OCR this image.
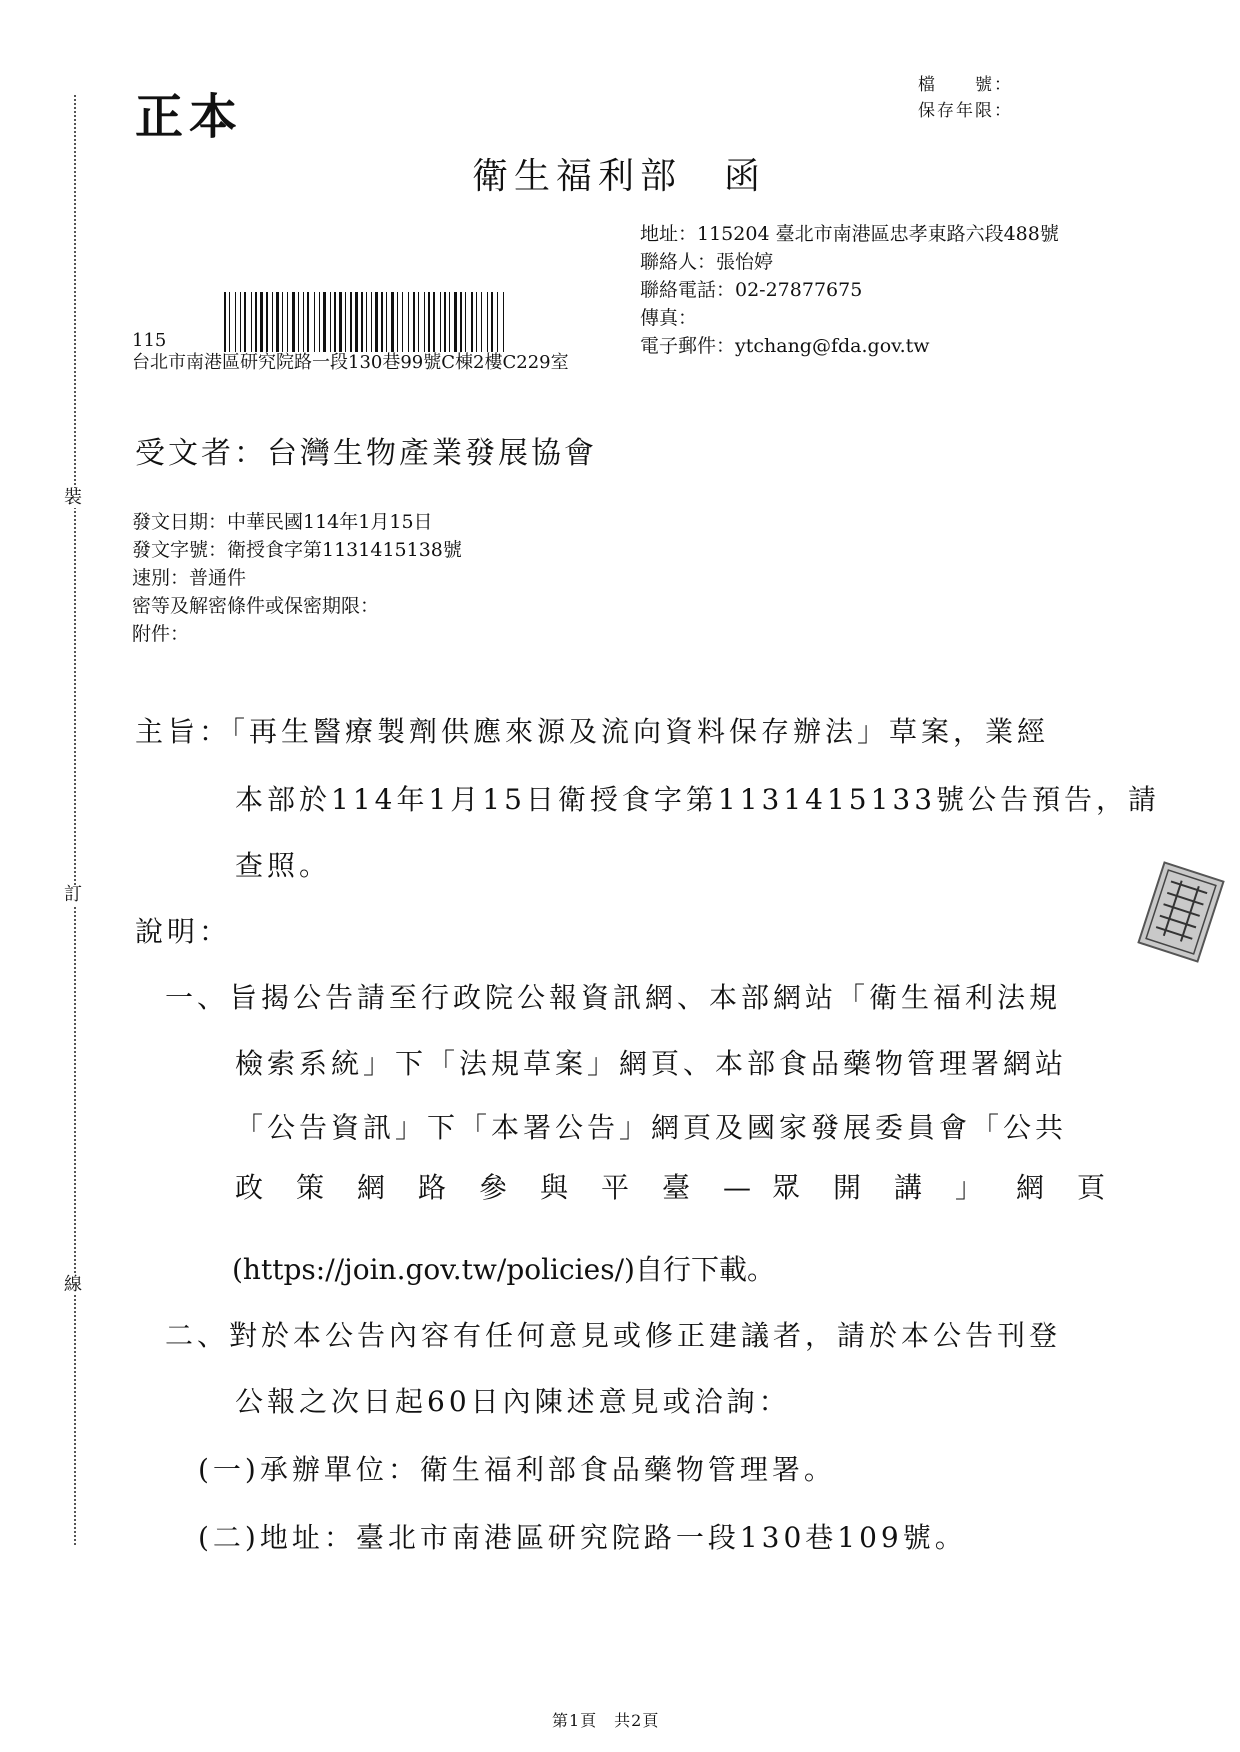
裝
訂
線
正本
檔　　號：
保存年限：
衛生福利部　函
地址：115204 臺北市南港區忠孝東路六段488號
聯絡人：張怡婷
聯絡電話：02-27877675
傳真：
電子郵件：ytchang@fda.gov.tw
115
台北市南港區研究院路一段130巷99號C棟2樓C229室
受文者：台灣生物產業發展協會
發文日期：中華民國114年1月15日
發文字號：衛授食字第1131415138號
速別：普通件
密等及解密條件或保密期限：
附件：
主旨：「再生醫療製劑供應來源及流向資料保存辦法」草案，業經
本部於114年1月15日衛授食字第1131415133號公告預告，請
查照。
說明：
一、旨揭公告請至行政院公報資訊網、本部網站「衛生福利法規
檢索系統」下「法規草案」網頁、本部食品藥物管理署網站
「公告資訊」下「本署公告」網頁及國家發展委員會「公共
政 策 網 路 參 與 平 臺 — 眾 開 講 」 網 頁
(https://join.gov.tw/policies/)自行下載。
二、對於本公告內容有任何意見或修正建議者，請於本公告刊登
公報之次日起60日內陳述意見或洽詢：
(一)承辦單位：衛生福利部食品藥物管理署。
(二)地址：臺北市南港區研究院路一段130巷109號。
第1頁　共2頁
